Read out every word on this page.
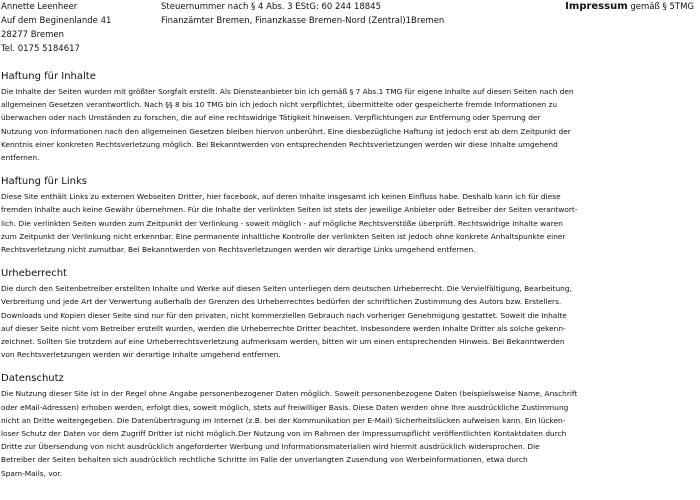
Annette Leenheer
Auf dem Beginenlande 41
28277 Bremen
Tel. 0175 5184617
Steuernummer nach § 4 Abs. 3 EStG: 60 244 18845
Finanzämter Bremen, Finanzkasse Bremen-Nord (Zentral)1Bremen
Impressum gemäß § 5TMG
Haftung für Inhalte
Die Inhalte der Seiten wurden mit größter Sorgfalt erstellt. Als Diensteanbieter bin ich gemäß § 7 Abs.1 TMG für eigene Inhalte auf diesen Seiten nach den
allgemeinen Gesetzen verantwortlich. Nach §§ 8 bis 10 TMG bin ich jedoch nicht verpflichtet, übermittelte oder gespeicherte fremde Informationen zu
überwachen oder nach Umständen zu forschen, die auf eine rechtswidrige Tätigkeit hinweisen. Verpflichtungen zur Entfernung oder Sperrung der
Nutzung von Informationen nach den allgemeinen Gesetzen bleiben hiervon unberührt. Eine diesbezügliche Haftung ist jedoch erst ab dem Zeitpunkt der
Kenntnis einer konkreten Rechtsverletzung möglich. Bei Bekanntwerden von entsprechenden Rechtsverletzungen werden wir diese Inhalte umgehend
entfernen.
Haftung für Links
Diese Site enthält Links zu externen Webseiten Dritter, hier facebook, auf deren Inhalte insgesamt ich keinen Einfluss habe. Deshalb kann ich für diese
fremden Inhalte auch keine Gewähr übernehmen. Für die Inhalte der verlinkten Seiten ist stets der jeweilige Anbieter oder Betreiber der Seiten verantwort-
lich. Die verlinkten Seiten wurden zum Zeitpunkt der Verlinkung - soweit möglich - auf mögliche Rechtsverstöße überprüft. Rechtswidrige Inhalte waren
zum Zeitpunkt der Verlinkung nicht erkennbar. Eine permanente inhaltliche Kontrolle der verlinkten Seiten ist jedoch ohne konkrete Anhaltspunkte einer
Rechtsverletzung nicht zumutbar. Bei Bekanntwerden von Rechtsverletzungen werden wir derartige Links umgehend entfernen.
Urheberrecht
Die durch den Seitenbetreiber erstellten Inhalte und Werke auf diesen Seiten unterliegen dem deutschen Urheberrecht. Die Vervielfältigung, Bearbeitung,
Verbreitung und jede Art der Verwertung außerhalb der Grenzen des Urheberrechtes bedürfen der schriftlichen Zustimmung des Autors bzw. Erstellers.
Downloads und Kopien dieser Seite sind nur für den privaten, nicht kommerziellen Gebrauch nach vorheriger Genehmigung gestattet. Soweit die Inhalte
auf dieser Seite nicht vom Betreiber erstellt wurden, werden die Urheberrechte Dritter beachtet. Insbesondere werden Inhalte Dritter als solche gekenn-
zeichnet. Sollten Sie trotzdem auf eine Urheberrechtsverletzung aufmerksam werden, bitten wir um einen entsprechenden Hinweis. Bei Bekanntwerden
von Rechtsverletzungen werden wir derartige Inhalte umgehend entfernen.
Datenschutz
Die Nutzung dieser Site ist in der Regel ohne Angabe personenbezogener Daten möglich. Soweit personenbezogene Daten (beispielsweise Name, Anschrift
oder eMail-Adressen) erhoben werden, erfolgt dies, soweit möglich, stets auf freiwilliger Basis. Diese Daten werden ohne Ihre ausdrückliche Zustimmung
nicht an Dritte weitergegeben. Die Datenübertragung im Internet (z.B. bei der Kommunikation per E-Mail) Sicherheitslücken aufweisen kann. Ein lücken-
loser Schutz der Daten vor dem Zugriff Dritter ist nicht möglich.Der Nutzung von im Rahmen der Impressumspflicht veröffentlichten Kontaktdaten durch
Dritte zur Übersendung von nicht ausdrücklich angeforderter Werbung und Informationsmaterialien wird hiermit ausdrücklich widersprochen. Die
Betreiber der Seiten behalten sich ausdrücklich rechtliche Schritte im Falle der unverlangten Zusendung von Werbeinformationen, etwa durch
Spam-Mails, vor.
